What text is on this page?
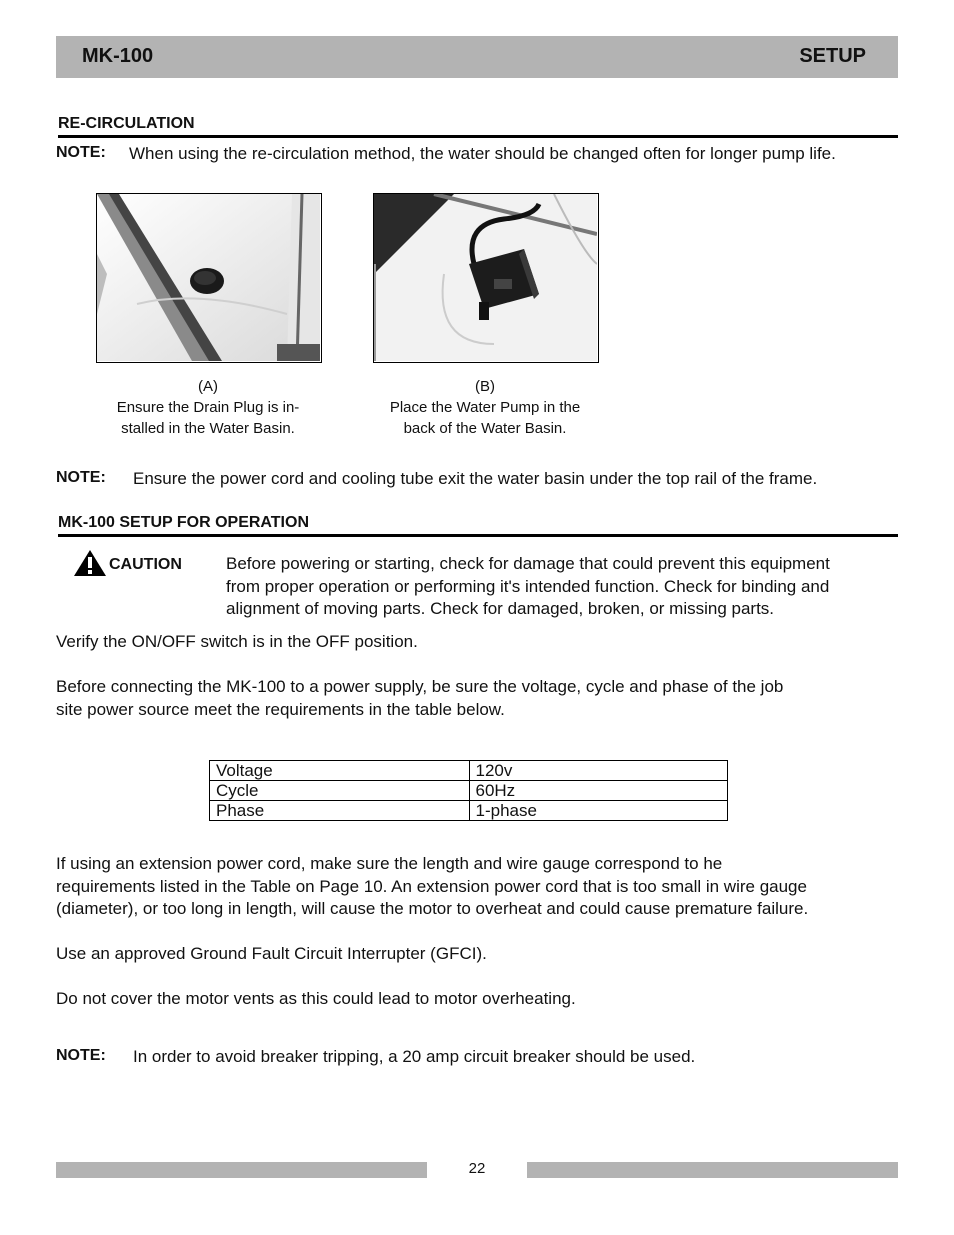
MK-100	SETUP
RE-CIRCULATION
NOTE: When using the re-circulation method, the water should be changed often for longer pump life.
(A)
Ensure the Drain Plug is in-
stalled in the Water Basin.
(B)
Place the Water Pump in the
back of the Water Basin.
NOTE: Ensure the power cord and cooling tube exit the water basin under the top rail of the frame.
MK-100 SETUP FOR OPERATION
CAUTION	Before powering or starting, check for damage that could prevent this equipment
from proper operation or performing it's intended function. Check for binding and
alignment of moving parts. Check for damaged, broken, or missing parts.
Verify the ON/OFF switch is in the OFF position.
Before connecting the MK-100 to a power supply, be sure the voltage, cycle and phase of the job
site power source meet the requirements in the table below.
Voltage	120v
Cycle	60Hz
Phase	1-phase
If using an extension power cord, make sure the length and wire gauge correspond to he
requirements listed in the Table on Page 10. An extension power cord that is too small in wire gauge
(diameter), or too long in length, will cause the motor to overheat and could cause premature failure.
Use an approved Ground Fault Circuit Interrupter (GFCI).
Do not cover the motor vents as this could lead to motor overheating.
NOTE: In order to avoid breaker tripping, a 20 amp circuit breaker should be used.
22
